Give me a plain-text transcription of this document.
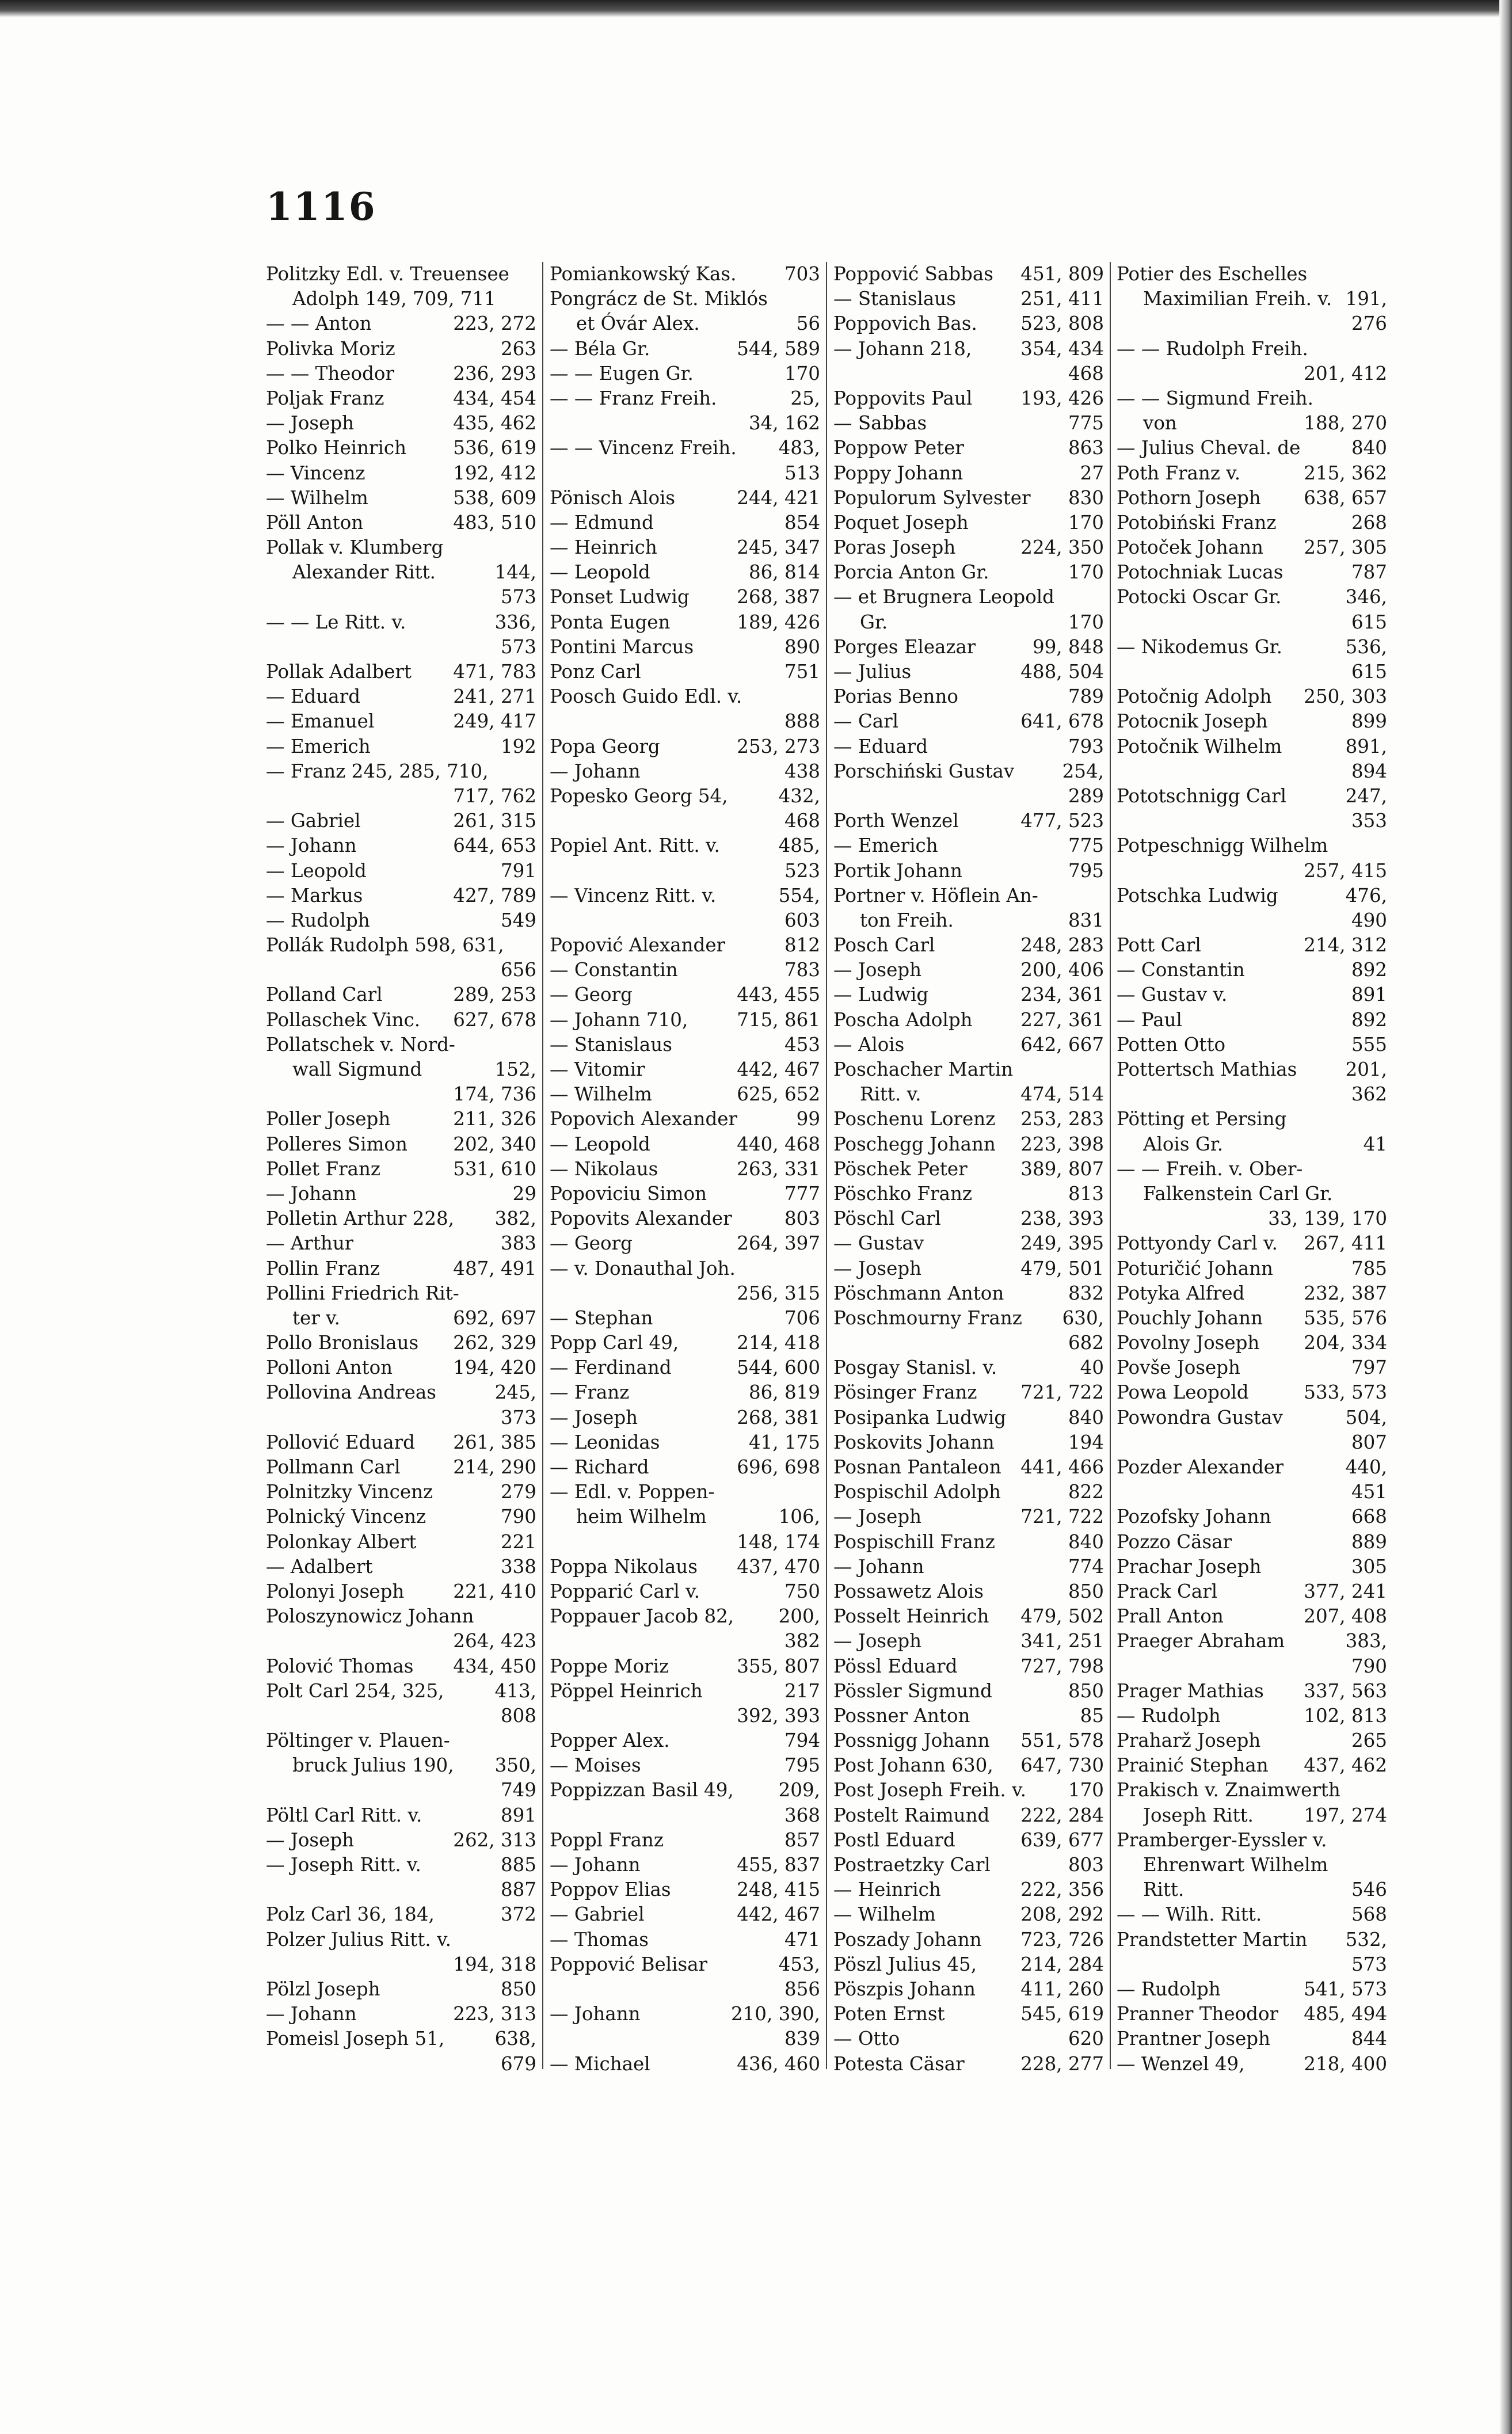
1116
Politzky Edl. v. Treuensee
Adolph 149, 709, 711
— — Anton	223, 272
Polivka Moriz	263
— — Theodor	236, 293
Poljak Franz	434, 454
— Joseph	435, 462
Polko Heinrich 536, 619
— Vincenz	192, 412
— Wilhelm	538, 609
Pöll Anton	483, 510
Pollak v. Klumberg
Alexander Ritt.	144,
573
— — Le Ritt. v.	336,
573
Pollak Adalbert 471, 783
— Eduard	241, 271
— Emanuel	249, 417
— Emerich	192
— Franz 245, 285, 710,
717, 762
— Gabriel	261, 315
— Johann	644, 653
— Leopold	791
— Markus	427, 789
— Rudolph	549
Pollák Rudolph 598, 631,
656
Polland Carl	289, 253
Pollaschek Vinc. 627, 678
Pollatschek v. Nord-
wall Sigmund	152,
174, 736
Poller Joseph	211, 326
Polleres Simon 202, 340
Pollet Franz	531, 610
— Johann	29
Polletin Arthur 228, 382,
— Arthur	383
Pollin Franz	487, 491
Pollini Friedrich Rit-
ter v.	692, 697
Pollo Bronislaus 262, 329
Polloni Anton	194, 420
Pollovina Andreas	245,
373
Pollović Eduard 261, 385
Pollmann Carl	214, 290
Polnitzky Vincenz	279
Polnický Vincenz	790
Polonkay Albert	221
— Adalbert	338
Polonyi Joseph	221, 410
Poloszynowicz Johann
264, 423
Polović Thomas 434, 450
Polt Carl 254, 325,	413,
808
Pöltinger v. Plauen-
bruck Julius 190, 350,
749
Pöltl Carl Ritt. v.	891
— Joseph	262, 313
— Joseph Ritt. v.	885
887
Polz Carl 36, 184,	372
Polzer Julius Ritt. v.
194, 318
Pölzl Joseph	850
— Johann	223, 313
Pomeisl Joseph 51,	638,
679
Pomiankowský Kas.	703
Pongrácz de St. Miklós
et Óvár Alex.	56
— Béla Gr.	544, 589
— — Eugen Gr.	170
— — Franz Freih.	25,
34, 162
— — Vincenz Freih. 483,
513
Pönisch Alois	244, 421
— Edmund	854
— Heinrich	245, 347
— Leopold	86, 814
Ponset Ludwig	268, 387
Ponta Eugen	189, 426
Pontini Marcus	890
Ponz Carl	751
Poosch Guido Edl. v.
888
Popa Georg	253, 273
— Johann	438
Popesko Georg 54,	432,
468
Popiel Ant. Ritt. v.	485,
523
— Vincenz Ritt. v.	554,
603
Popović Alexander	812
— Constantin	783
— Georg	443, 455
— Johann 710,	715, 861
— Stanislaus	453
— Vitomir	442, 467
— Wilhelm	625, 652
Popovich Alexander	99
— Leopold	440, 468
— Nikolaus	263, 331
Popoviciu Simon	777
Popovits Alexander	803
— Georg	264, 397
— v. Donauthal Joh.
256, 315
— Stephan	706
Popp Carl 49,	214, 418
— Ferdinand	544, 600
— Franz	86, 819
— Joseph	268, 381
— Leonidas	41, 175
— Richard	696, 698
— Edl. v. Poppen-
heim Wilhelm	106,
148, 174
Poppa Nikolaus 437, 470
Popparić Carl v.	750
Poppauer Jacob 82, 200,
382
Poppe Moriz	355, 807
Pöppel Heinrich	217
392, 393
Popper Alex.	794
— Moises	795
Poppizzan Basil 49, 209,
368
Poppl Franz	857
— Johann	455, 837
Poppov Elias	248, 415
— Gabriel	442, 467
— Thomas	471
Poppović Belisar	453,
856
— Johann	210, 390,
839
— Michael	436, 460
Poppović Sabbas 451, 809
— Stanislaus	251, 411
Poppovich Bas. 523, 808
— Johann 218,	354, 434
468
Poppovits Paul	193, 426
— Sabbas	775
Poppow Peter	863
Poppy Johann	27
Populorum Sylvester 830
Poquet Joseph	170
Poras Joseph	224, 350
Porcia Anton Gr.	170
— et Brugnera Leopold
Gr.	170
Porges Eleazar	99, 848
— Julius	488, 504
Porias Benno	789
— Carl	641, 678
— Eduard	793
Porschiński Gustav	254,
289
Porth Wenzel	477, 523
— Emerich	775
Portik Johann	795
Portner v. Höflein An-
ton Freih.	831
Posch Carl	248, 283
— Joseph	200, 406
— Ludwig	234, 361
Poscha Adolph	227, 361
— Alois	642, 667
Poschacher Martin
Ritt. v.	474, 514
Poschenu Lorenz 253, 283
Poschegg Johann 223, 398
Pöschek Peter	389, 807
Pöschko Franz	813
Pöschl Carl	238, 393
— Gustav	249, 395
— Joseph	479, 501
Pöschmann Anton	832
Poschmourny Franz 630,
682
Posgay Stanisl. v.	40
Pösinger Franz 721, 722
Posipanka Ludwig	840
Poskovits Johann	194
Posnan Pantaleon 441, 466
Pospischil Adolph	822
— Joseph	721, 722
Pospischill Franz	840
— Johann	774
Possawetz Alois	850
Posselt Heinrich 479, 502
— Joseph	341, 251
Pössl Eduard	727, 798
Pössler Sigmund	850
Possner Anton	85
Possnigg Johann 551, 578
Post Johann 630, 647, 730
Post Joseph Freih. v. 170
Postelt Raimund 222, 284
Postl Eduard	639, 677
Postraetzky Carl	803
— Heinrich	222, 356
— Wilhelm	208, 292
Poszady Johann 723, 726
Pöszl Julius 45, 214, 284
Pöszpis Johann 411, 260
Poten Ernst	545, 619
— Otto	620
Potesta Cäsar	228, 277
Potier des Eschelles
Maximilian Freih. v. 191,
276
— — Rudolph Freih.
201, 412
— — Sigmund Freih.
von	188, 270
— Julius Cheval. de	840
Poth Franz v.	215, 362
Pothorn Joseph 638, 657
Potobiński Franz	268
Potoček Johann 257, 305
Potochniak Lucas	787
Potocki Oscar Gr.	346,
615
— Nikodemus Gr.	536,
615
Potočnig Adolph 250, 303
Potocnik Joseph	899
Potočnik Wilhelm	891,
894
Pototschnigg Carl	247,
353
Potpeschnigg Wilhelm
257, 415
Potschka Ludwig	476,
490
Pott Carl	214, 312
— Constantin	892
— Gustav v.	891
— Paul	892
Potten Otto	555
Pottertsch Mathias	201,
362
Pötting et Persing
Alois Gr.	41
— — Freih. v. Ober-
Falkenstein Carl Gr.
33, 139, 170
Pottyondy Carl v. 267, 411
Poturičić Johann	785
Potyka Alfred	232, 387
Pouchly Johann 535, 576
Povolny Joseph 204, 334
Povše Joseph	797
Powa Leopold	533, 573
Powondra Gustav	504,
807
Pozder Alexander	440,
451
Pozofsky Johann	668
Pozzo Cäsar	889
Prachar Joseph	305
Prack Carl	377, 241
Prall Anton	207, 408
Praeger Abraham	383,
790
Prager Mathias 337, 563
— Rudolph	102, 813
Praharž Joseph	265
Prainić Stephan 437, 462
Prakisch v. Znaimwerth
Joseph Ritt.	197, 274
Pramberger-Eyssler v.
Ehrenwart Wilhelm
Ritt.	546
— — Wilh. Ritt.	568
Prandstetter Martin 532,
573
— Rudolph	541, 573
Pranner Theodor 485, 494
Prantner Joseph	844
— Wenzel 49,	218, 400
